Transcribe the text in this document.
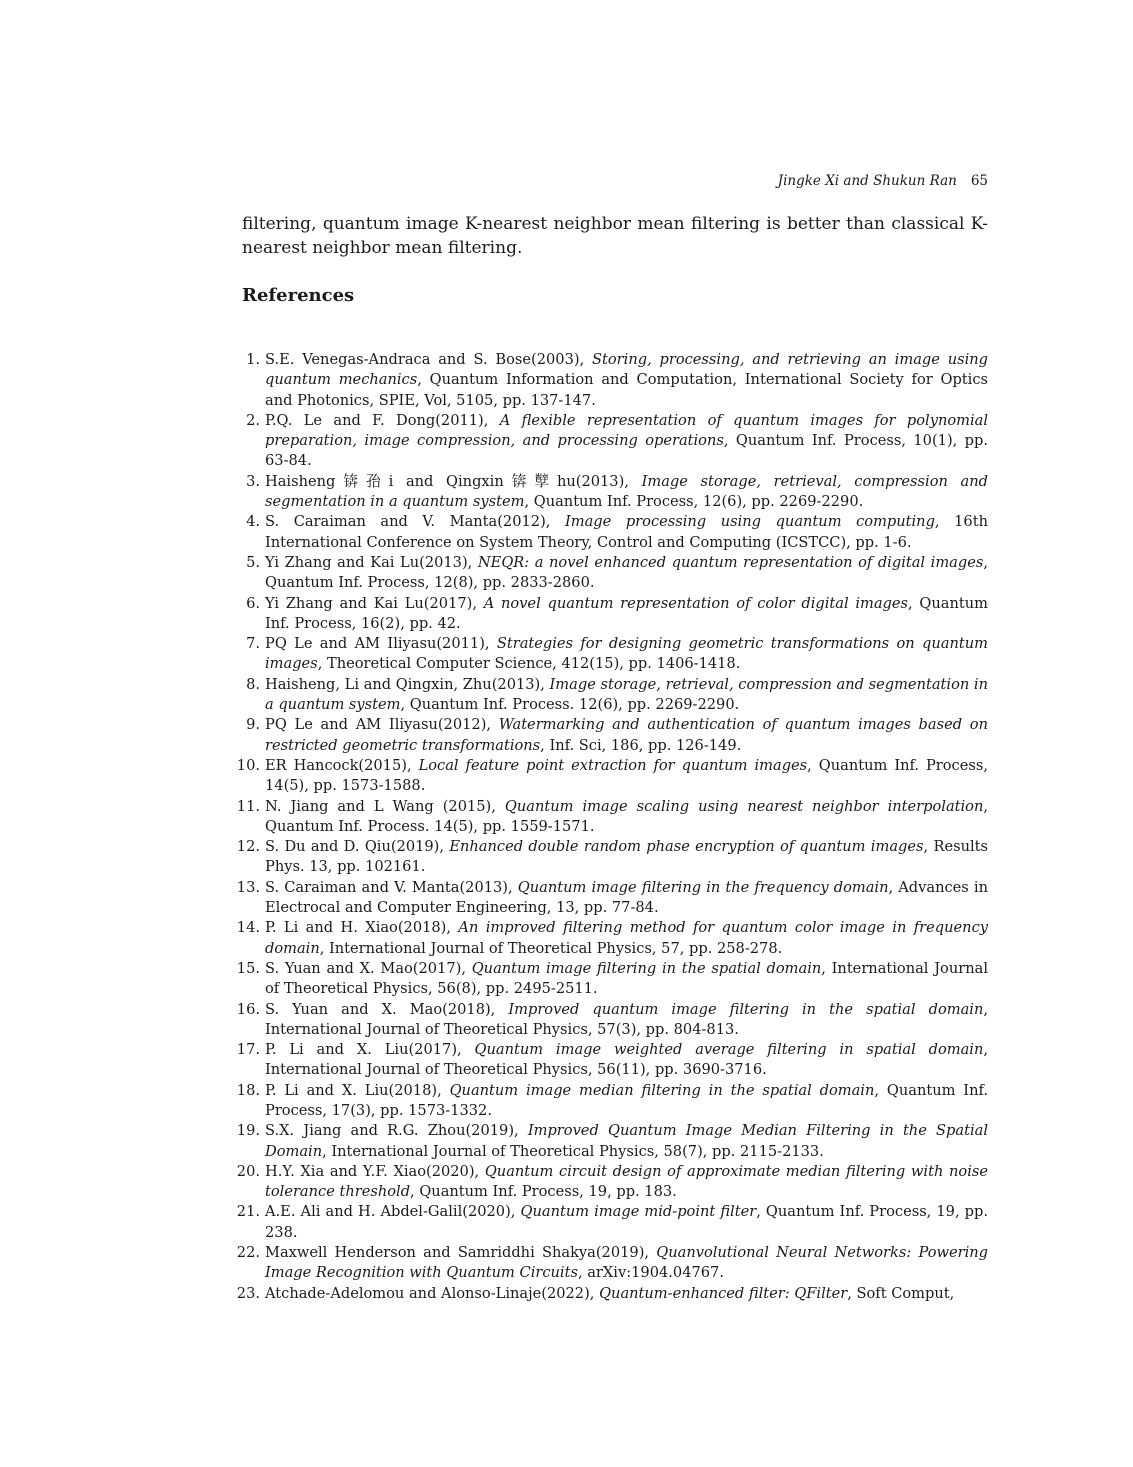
Jingke Xi and Shukun Ran 65

filtering, quantum image K-nearest neighbor mean filtering is better than classical K-nearest neighbor mean filtering.

References
1. S.E. Venegas-Andraca and S. Bose(2003), Storing, processing, and retrieving an image using quantum mechanics, Quantum Information and Computation, International Society for Optics and Photonics, SPIE, Vol, 5105, pp. 137-147.
2. P.Q. Le and F. Dong(2011), A flexible representation of quantum images for polynomial preparation, image compression, and processing operations, Quantum Inf. Process, 10(1), pp. 63-84.
3. Haisheng锛孡i and Qingxin锛孼hu(2013), Image storage, retrieval, compression and segmentation in a quantum system, Quantum Inf. Process, 12(6), pp. 2269-2290.
4. S. Caraiman and V. Manta(2012), Image processing using quantum computing, 16th International Conference on System Theory, Control and Computing (ICSTCC), pp. 1-6.
5. Yi Zhang and Kai Lu(2013), NEQR: a novel enhanced quantum representation of digital images, Quantum Inf. Process, 12(8), pp. 2833-2860.
6. Yi Zhang and Kai Lu(2017), A novel quantum representation of color digital images, Quantum Inf. Process, 16(2), pp. 42.
7. PQ Le and AM Iliyasu(2011), Strategies for designing geometric transformations on quantum images, Theoretical Computer Science, 412(15), pp. 1406-1418.
8. Haisheng, Li and Qingxin, Zhu(2013), Image storage, retrieval, compression and segmentation in a quantum system, Quantum Inf. Process. 12(6), pp. 2269-2290.
9. PQ Le and AM Iliyasu(2012), Watermarking and authentication of quantum images based on restricted geometric transformations, Inf. Sci, 186, pp. 126-149.
10. ER Hancock(2015), Local feature point extraction for quantum images, Quantum Inf. Process, 14(5), pp. 1573-1588.
11. N. Jiang and L Wang (2015), Quantum image scaling using nearest neighbor interpolation, Quantum Inf. Process. 14(5), pp. 1559-1571.
12. S. Du and D. Qiu(2019), Enhanced double random phase encryption of quantum images, Results Phys. 13, pp. 102161.
13. S. Caraiman and V. Manta(2013), Quantum image filtering in the frequency domain, Advances in Electrocal and Computer Engineering, 13, pp. 77-84.
14. P. Li and H. Xiao(2018), An improved filtering method for quantum color image in frequency domain, International Journal of Theoretical Physics, 57, pp. 258-278.
15. S. Yuan and X. Mao(2017), Quantum image filtering in the spatial domain, International Journal of Theoretical Physics, 56(8), pp. 2495-2511.
16. S. Yuan and X. Mao(2018), Improved quantum image filtering in the spatial domain, International Journal of Theoretical Physics, 57(3), pp. 804-813.
17. P. Li and X. Liu(2017), Quantum image weighted average filtering in spatial domain, International Journal of Theoretical Physics, 56(11), pp. 3690-3716.
18. P. Li and X. Liu(2018), Quantum image median filtering in the spatial domain, Quantum Inf. Process, 17(3), pp. 1573-1332.
19. S.X. Jiang and R.G. Zhou(2019), Improved Quantum Image Median Filtering in the Spatial Domain, International Journal of Theoretical Physics, 58(7), pp. 2115-2133.
20. H.Y. Xia and Y.F. Xiao(2020), Quantum circuit design of approximate median filtering with noise tolerance threshold, Quantum Inf. Process, 19, pp. 183.
21. A.E. Ali and H. Abdel-Galil(2020), Quantum image mid-point filter, Quantum Inf. Process, 19, pp. 238.
22. Maxwell Henderson and Samriddhi Shakya(2019), Quanvolutional Neural Networks: Powering Image Recognition with Quantum Circuits, arXiv:1904.04767.
23. Atchade-Adelomou and Alonso-Linaje(2022), Quantum-enhanced filter: QFilter, Soft Comput,
